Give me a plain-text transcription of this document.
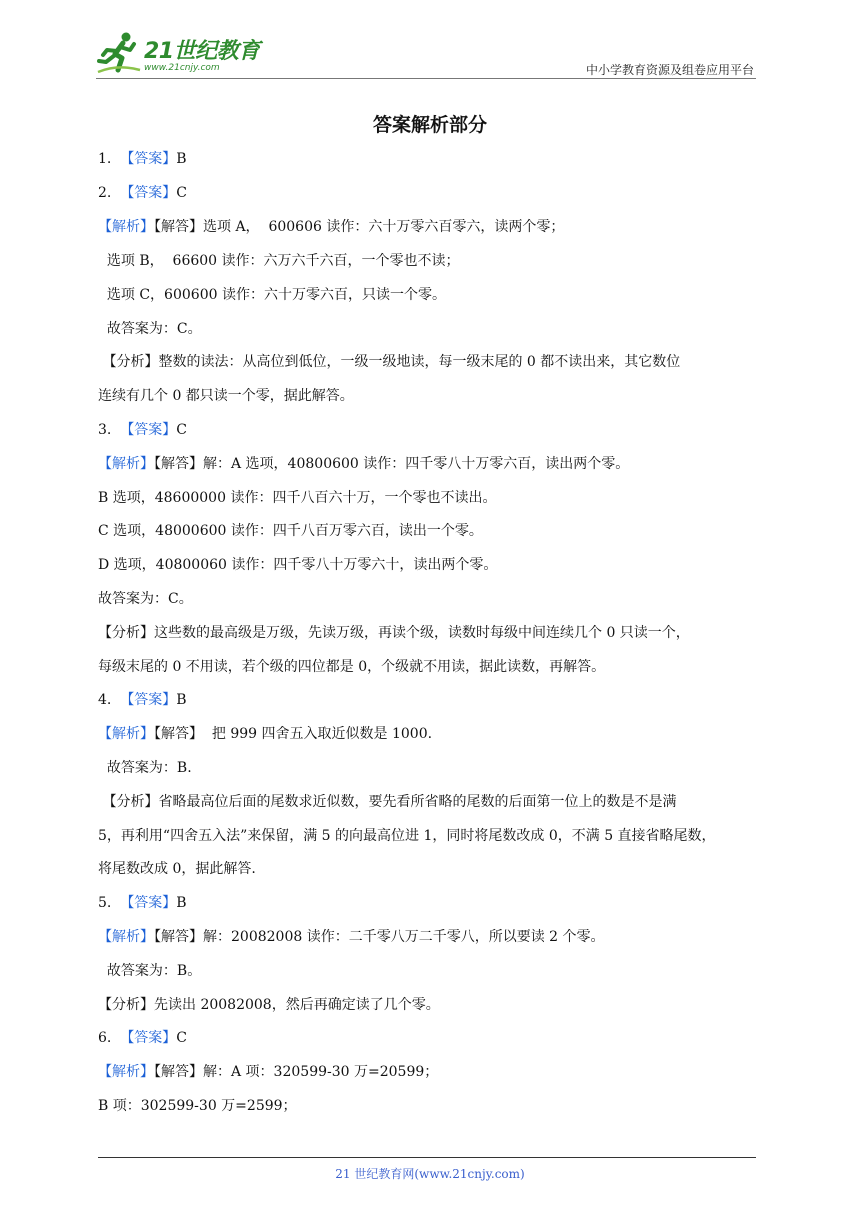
21世纪教育
www.21cnjy.com	中小学教育资源及组卷应用平台
答案解析部分
1.  【答案】B
2.  【答案】C
【解析】【解答】选项 A，  600606 读作：六十万零六百零六，读两个零；
选项 B，  66600 读作：六万六千六百，一个零也不读；
选项 C，600600 读作：六十万零六百，只读一个零。
故答案为：C。
【分析】整数的读法：从高位到低位，一级一级地读，每一级末尾的 0 都不读出来，其它数位
连续有几个 0 都只读一个零，据此解答。
3.  【答案】C
【解析】【解答】解：A 选项，40800600 读作：四千零八十万零六百，读出两个零。
B 选项，48600000 读作：四千八百六十万，一个零也不读出。
C 选项，48000600 读作：四千八百万零六百，读出一个零。
D 选项，40800060 读作：四千零八十万零六十，读出两个零。
故答案为：C。
【分析】这些数的最高级是万级，先读万级，再读个级，读数时每级中间连续几个 0 只读一个，
每级末尾的 0 不用读，若个级的四位都是 0，个级就不用读，据此读数，再解答。
4.  【答案】B
【解析】【解答】  把 999 四舍五入取近似数是 1000.
故答案为：B.
【分析】省略最高位后面的尾数求近似数，要先看所省略的尾数的后面第一位上的数是不是满
5，再利用“四舍五入法”来保留，满 5 的向最高位进 1，同时将尾数改成 0，不满 5 直接省略尾数，
将尾数改成 0，据此解答.
5.  【答案】B
【解析】【解答】解：20082008 读作：二千零八万二千零八，所以要读 2 个零。
故答案为：B。
【分析】先读出 20082008，然后再确定读了几个零。
6.  【答案】C
【解析】【解答】解：A 项：320599-30 万=20599；
B 项：302599-30 万=2599；
21 世纪教育网(www.21cnjy.com)
